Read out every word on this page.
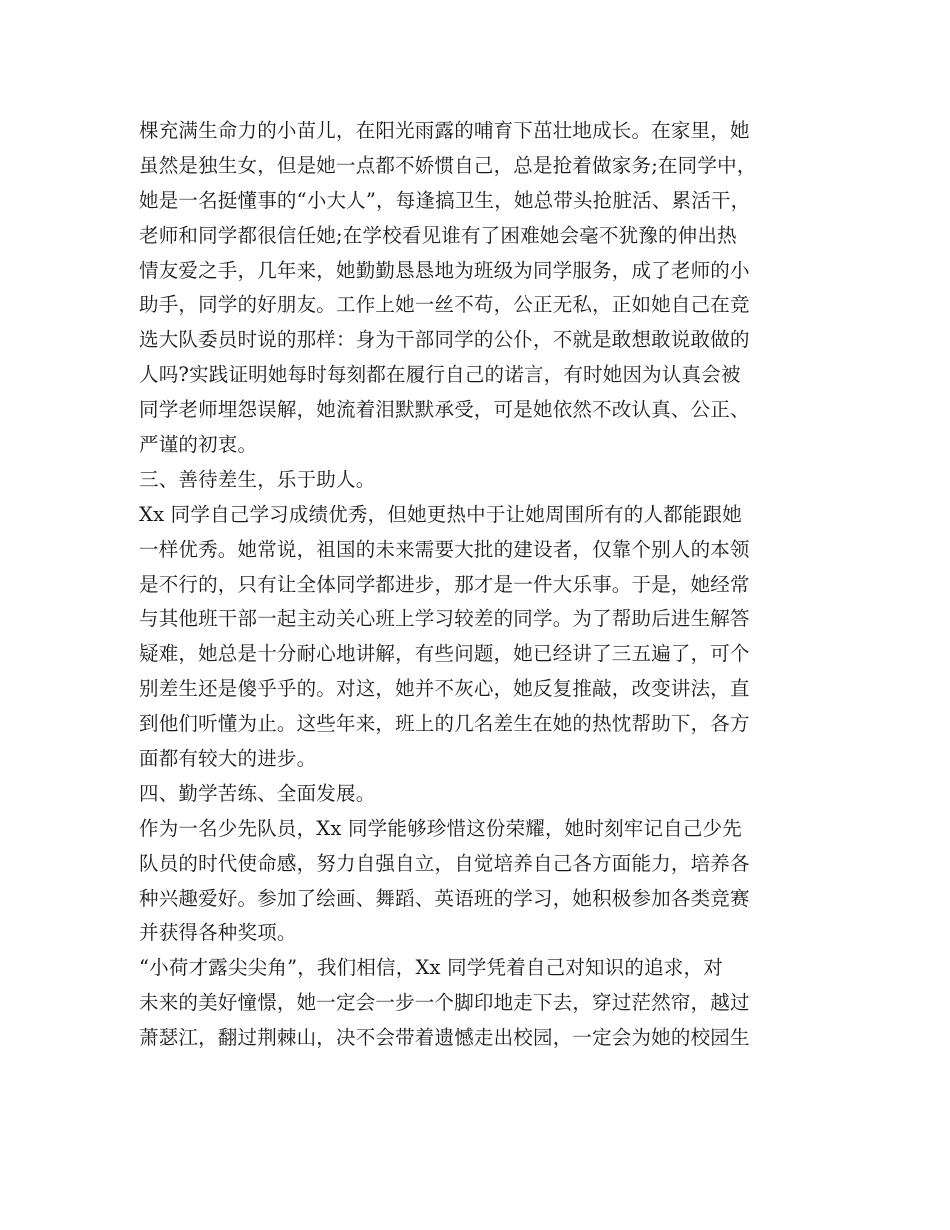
棵充满生命力的小苗儿，在阳光雨露的哺育下茁壮地成长。在家里，她
虽然是独生女，但是她一点都不娇惯自己，总是抢着做家务;在同学中，
她是一名挺懂事的“小大人”，每逢搞卫生，她总带头抢脏活、累活干，
老师和同学都很信任她;在学校看见谁有了困难她会毫不犹豫的伸出热
情友爱之手，几年来，她勤勤恳恳地为班级为同学服务，成了老师的小
助手，同学的好朋友。工作上她一丝不苟，公正无私，正如她自己在竞
选大队委员时说的那样：身为干部同学的公仆，不就是敢想敢说敢做的
人吗?实践证明她每时每刻都在履行自己的诺言，有时她因为认真会被
同学老师埋怨误解，她流着泪默默承受，可是她依然不改认真、公正、
严谨的初衷。
三、善待差生，乐于助人。
Xx 同学自己学习成绩优秀，但她更热中于让她周围所有的人都能跟她
一样优秀。她常说，祖国的未来需要大批的建设者，仅靠个别人的本领
是不行的，只有让全体同学都进步，那才是一件大乐事。于是，她经常
与其他班干部一起主动关心班上学习较差的同学。为了帮助后进生解答
疑难，她总是十分耐心地讲解，有些问题，她已经讲了三五遍了，可个
别差生还是傻乎乎的。对这，她并不灰心，她反复推敲，改变讲法，直
到他们听懂为止。这些年来，班上的几名差生在她的热忱帮助下，各方
面都有较大的进步。
四、勤学苦练、全面发展。
作为一名少先队员，Xx 同学能够珍惜这份荣耀，她时刻牢记自己少先
队员的时代使命感，努力自强自立，自觉培养自己各方面能力，培养各
种兴趣爱好。参加了绘画、舞蹈、英语班的学习，她积极参加各类竞赛
并获得各种奖项。
“小荷才露尖尖角”，我们相信，Xx 同学凭着自己对知识的追求，对
未来的美好憧憬，她一定会一步一个脚印地走下去，穿过茫然帘，越过
萧瑟江，翻过荆棘山，决不会带着遗憾走出校园，一定会为她的校园生
